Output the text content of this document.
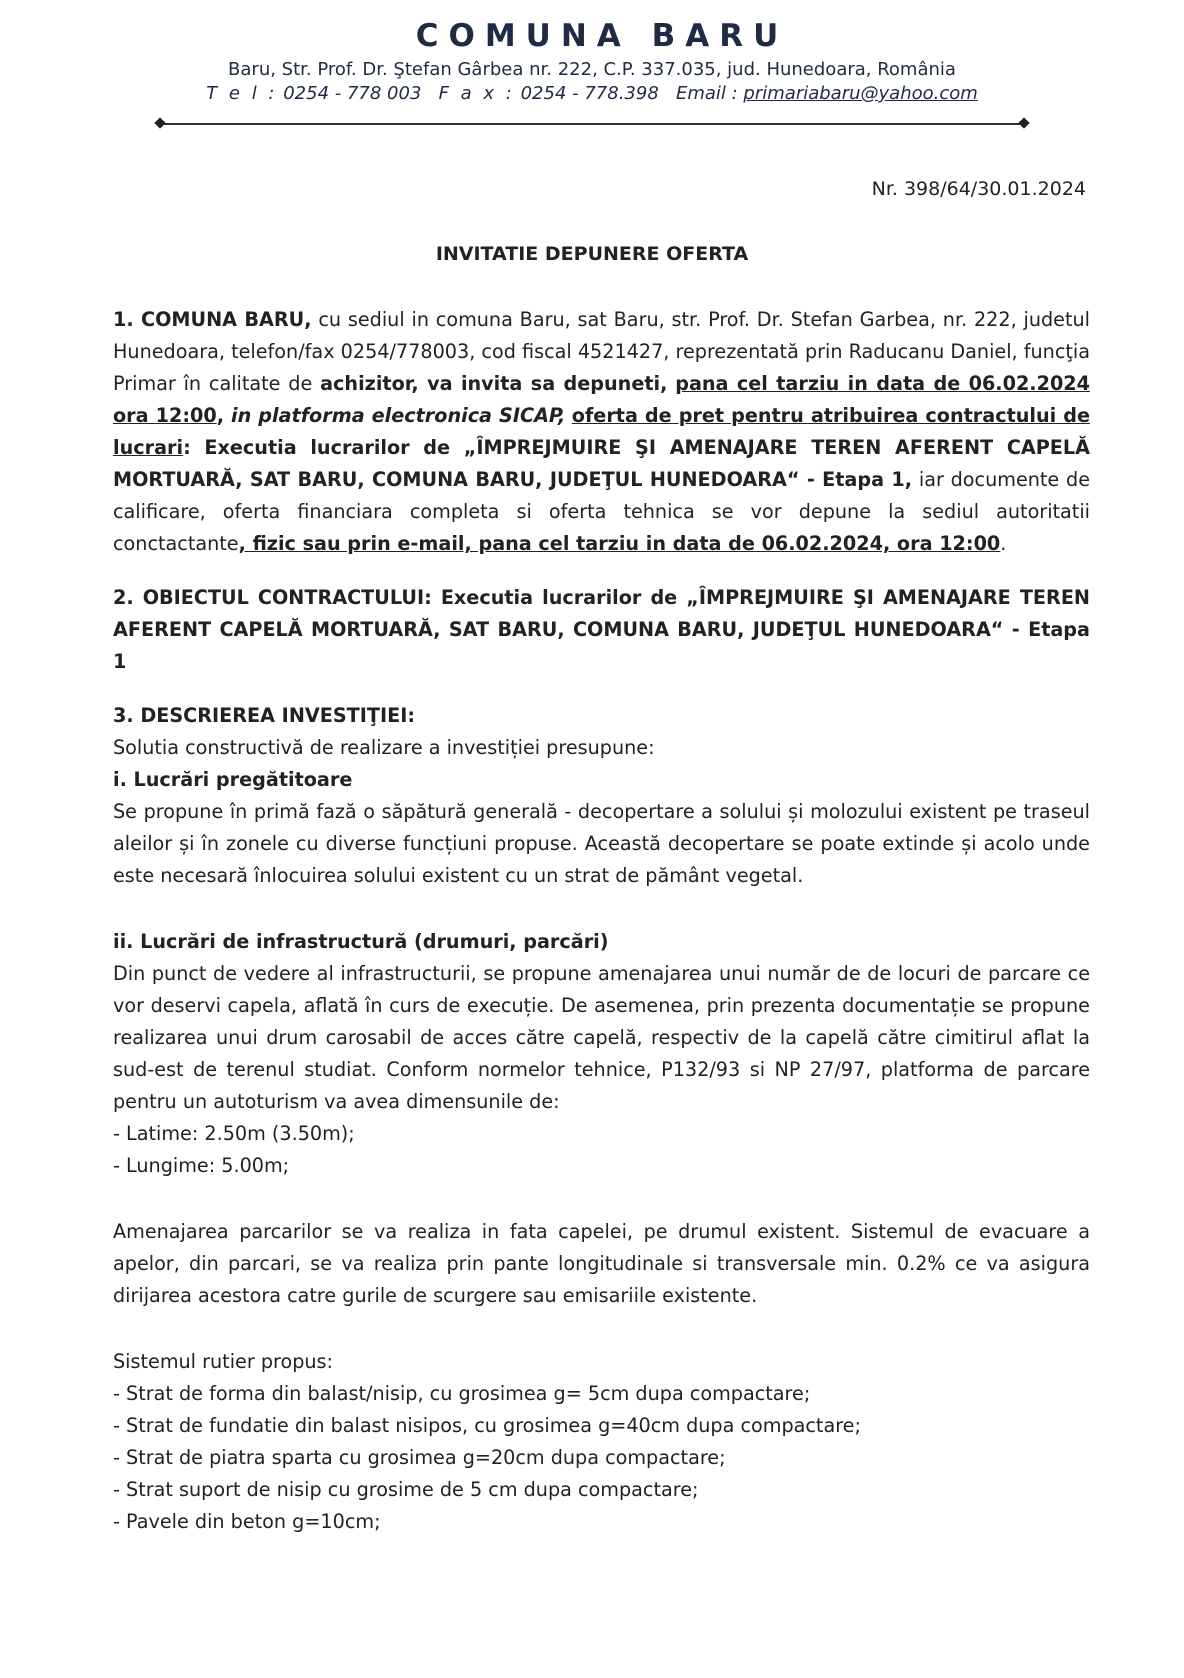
COMUNA BARU
Baru, Str. Prof. Dr. Ştefan Gârbea nr. 222, C.P. 337.035, jud. Hunedoara, România
T e l : 0254 - 778 003 F a x : 0254 - 778.398 Email : primariabaru@yahoo.com
Nr. 398/64/30.01.2024
INVITATIE DEPUNERE OFERTA

1. COMUNA BARU, cu sediul in comuna Baru, sat Baru, str. Prof. Dr. Stefan Garbea, nr. 222, judetul Hunedoara, telefon/fax 0254/778003, cod fiscal 4521427, reprezentată prin Raducanu Daniel, funcţia Primar în calitate de achizitor, va invita sa depuneti, pana cel tarziu in data de 06.02.2024 ora 12:00, in platforma electronica SICAP, oferta de pret pentru atribuirea contractului de lucrari: Executia lucrarilor de „ÎMPREJMUIRE ŞI AMENAJARE TEREN AFERENT CAPELĂ MORTUARĂ, SAT BARU, COMUNA BARU, JUDEŢUL HUNEDOARA“ - Etapa 1, iar documente de calificare, oferta financiara completa si oferta tehnica se vor depune la sediul autoritatii conctactante, fizic sau prin e-mail, pana cel tarziu in data de 06.02.2024, ora 12:00.

2. OBIECTUL CONTRACTULUI: Executia lucrarilor de „ÎMPREJMUIRE ŞI AMENAJARE TEREN AFERENT CAPELĂ MORTUARĂ, SAT BARU, COMUNA BARU, JUDEŢUL HUNEDOARA“ - Etapa 1

3. DESCRIEREA INVESTIŢIEI:

Solutia constructivă de realizare a investiției presupune:

i. Lucrări pregătitoare

Se propune în primă fază o săpătură generală - decopertare a solului și molozului existent pe traseul aleilor și în zonele cu diverse funcțiuni propuse. Această decopertare se poate extinde și acolo unde este necesară înlocuirea solului existent cu un strat de pământ vegetal.

ii. Lucrări de infrastructură (drumuri, parcări)

Din punct de vedere al infrastructurii, se propune amenajarea unui număr de de locuri de parcare ce vor deservi capela, aflată în curs de execuție. De asemenea, prin prezenta documentație se propune realizarea unui drum carosabil de acces către capelă, respectiv de la capelă către cimitirul aflat la sud-est de terenul studiat. Conform normelor tehnice, P132/93 si NP 27/97, platforma de parcare pentru un autoturism va avea dimensunile de:

- Latime: 2.50m (3.50m);

- Lungime: 5.00m;

Amenajarea parcarilor se va realiza in fata capelei, pe drumul existent. Sistemul de evacuare a apelor, din parcari, se va realiza prin pante longitudinale si transversale min. 0.2% ce va asigura dirijarea acestora catre gurile de scurgere sau emisariile existente.

Sistemul rutier propus:

- Strat de forma din balast/nisip, cu grosimea g= 5cm dupa compactare;

- Strat de fundatie din balast nisipos, cu grosimea g=40cm dupa compactare;

- Strat de piatra sparta cu grosimea g=20cm dupa compactare;

- Strat suport de nisip cu grosime de 5 cm dupa compactare;

- Pavele din beton g=10cm;
